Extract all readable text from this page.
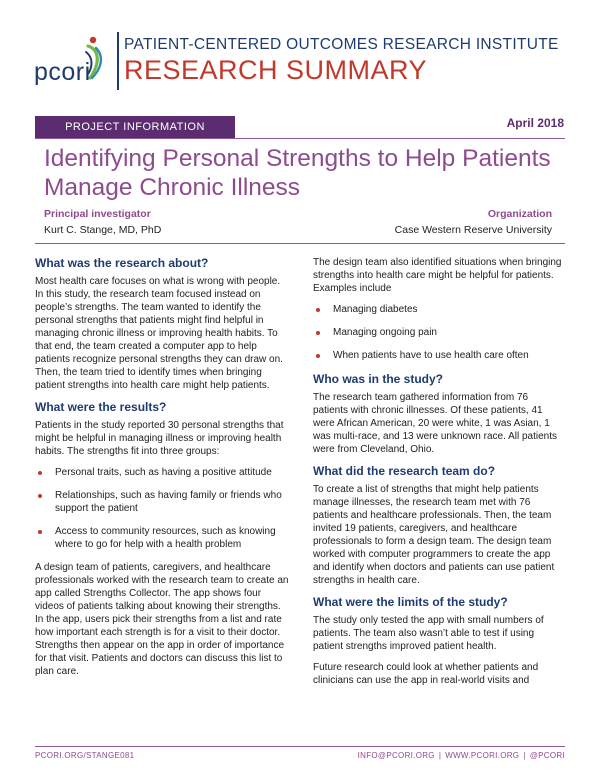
pcori
PATIENT-CENTERED OUTCOMES RESEARCH INSTITUTE
RESEARCH SUMMARY
PROJECT INFORMATION	April 2018
Identifying Personal Strengths to Help Patients Manage Chronic Illness
Principal investigator
Kurt C. Stange, MD, PhD
Organization
Case Western Reserve University
What was the research about?

Most health care focuses on what is wrong with people. In this study, the research team focused instead on people’s strengths. The team wanted to identify the personal strengths that patients might find helpful in managing chronic illness or improving health habits. To that end, the team created a computer app to help patients recognize personal strengths they can draw on. Then, the team tried to identify times when bringing patient strengths into health care might help patients.

What were the results?

Patients in the study reported 30 personal strengths that might be helpful in managing illness or improving health habits. The strengths fit into three groups:

Personal traits, such as having a positive attitude
Relationships, such as having family or friends who support the patient
Access to community resources, such as knowing where to go for help with a health problem

A design team of patients, caregivers, and healthcare professionals worked with the research team to create an app called Strengths Collector. The app shows four videos of patients talking about knowing their strengths. In the app, users pick their strengths from a list and rate how important each strength is for a visit to their doctor. Strengths then appear on the app in order of importance for that visit. Patients and doctors can discuss this list to plan care.

The design team also identified situations when bringing strengths into health care might be helpful for patients. Examples include

Managing diabetes
Managing ongoing pain
When patients have to use health care often
Who was in the study?

The research team gathered information from 76 patients with chronic illnesses. Of these patients, 41 were African American, 20 were white, 1 was Asian, 1 was multi-race, and 13 were unknown race. All patients were from Cleveland, Ohio.

What did the research team do?

To create a list of strengths that might help patients manage illnesses, the research team met with 76 patients and healthcare professionals. Then, the team invited 19 patients, caregivers, and healthcare professionals to form a design team. The design team worked with computer programmers to create the app and identify when doctors and patients can use patient strengths in health care.

What were the limits of the study?

The study only tested the app with small numbers of patients. The team also wasn’t able to test if using patient strengths improved patient health.

Future research could look at whether patients and clinicians can use the app in real-world visits and

PCORI.ORG/STANGE081	INFO@PCORI.ORG | WWW.PCORI.ORG | @PCORI
